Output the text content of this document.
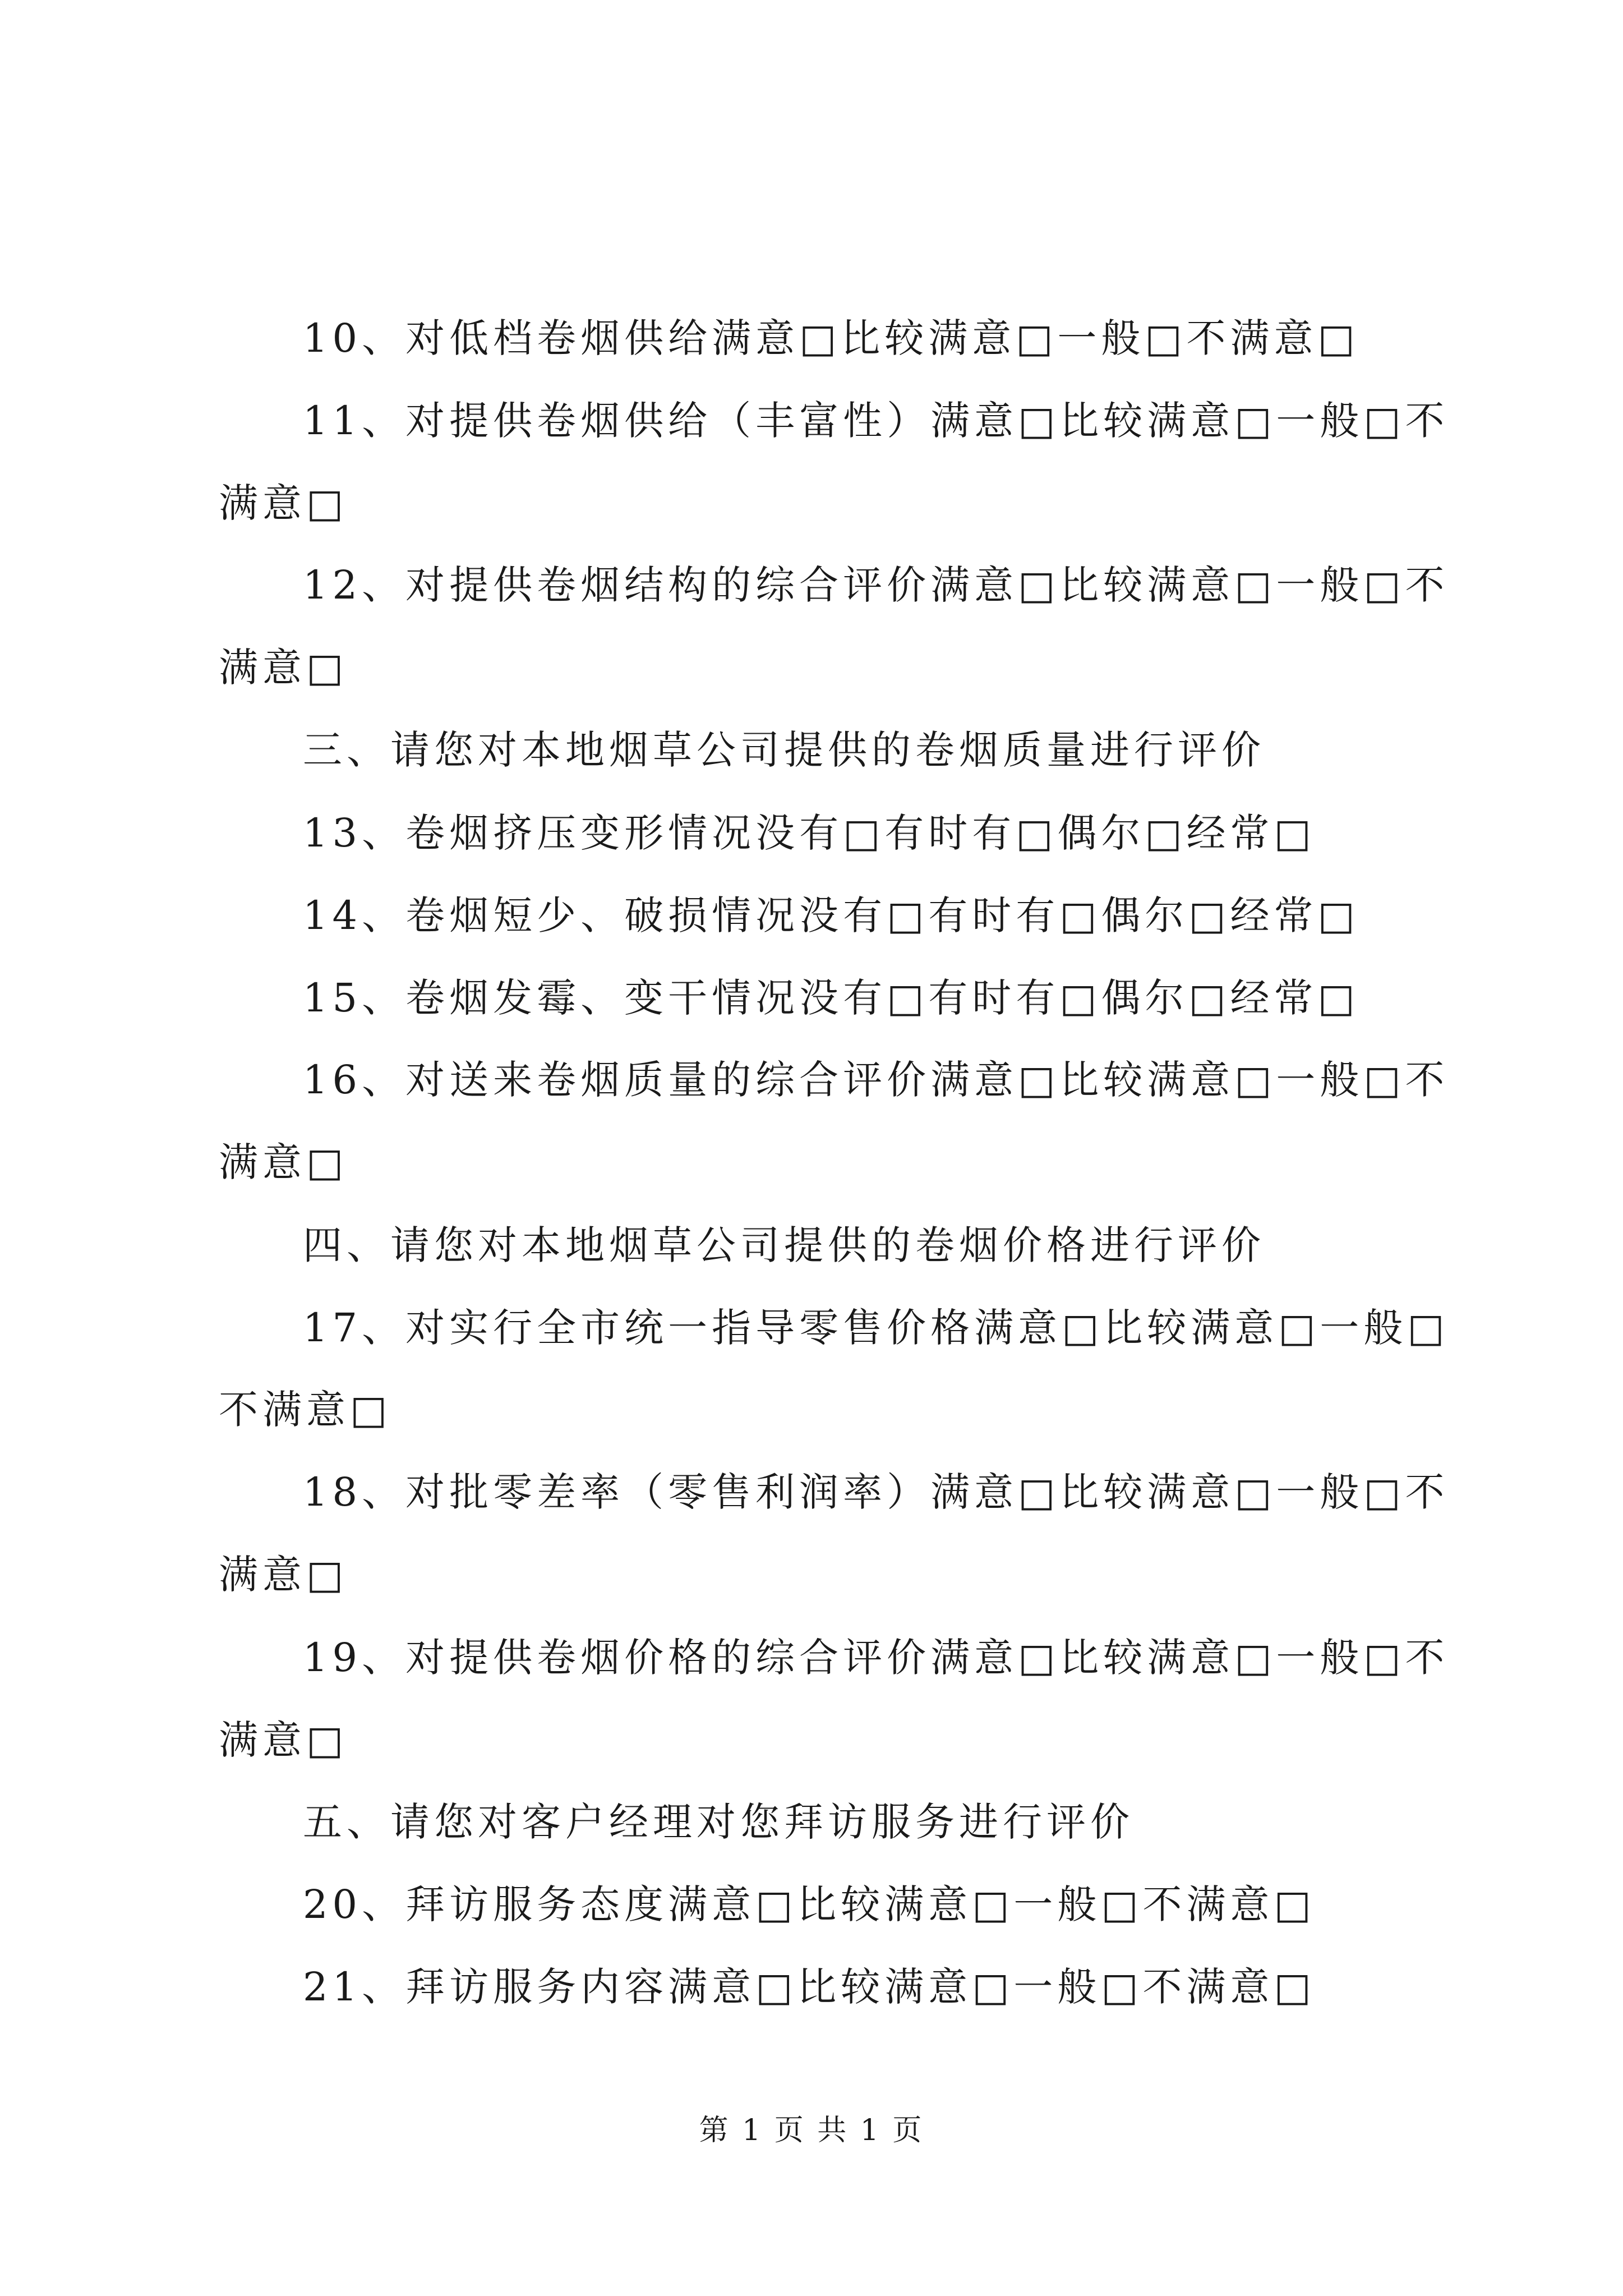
10、对低档卷烟供给满意□比较满意□一般□不满意□
11、对提供卷烟供给（丰富性）满意□比较满意□一般□不
满意□
12、对提供卷烟结构的综合评价满意□比较满意□一般□不
满意□
三、请您对本地烟草公司提供的卷烟质量进行评价
13、卷烟挤压变形情况没有□有时有□偶尔□经常□
14、卷烟短少、破损情况没有□有时有□偶尔□经常□
15、卷烟发霉、变干情况没有□有时有□偶尔□经常□
16、对送来卷烟质量的综合评价满意□比较满意□一般□不
满意□
四、请您对本地烟草公司提供的卷烟价格进行评价
17、对实行全市统一指导零售价格满意□比较满意□一般□
不满意□
18、对批零差率（零售利润率）满意□比较满意□一般□不
满意□
19、对提供卷烟价格的综合评价满意□比较满意□一般□不
满意□
五、请您对客户经理对您拜访服务进行评价
20、拜访服务态度满意□比较满意□一般□不满意□
21、拜访服务内容满意□比较满意□一般□不满意□
第 1 页 共 1 页
